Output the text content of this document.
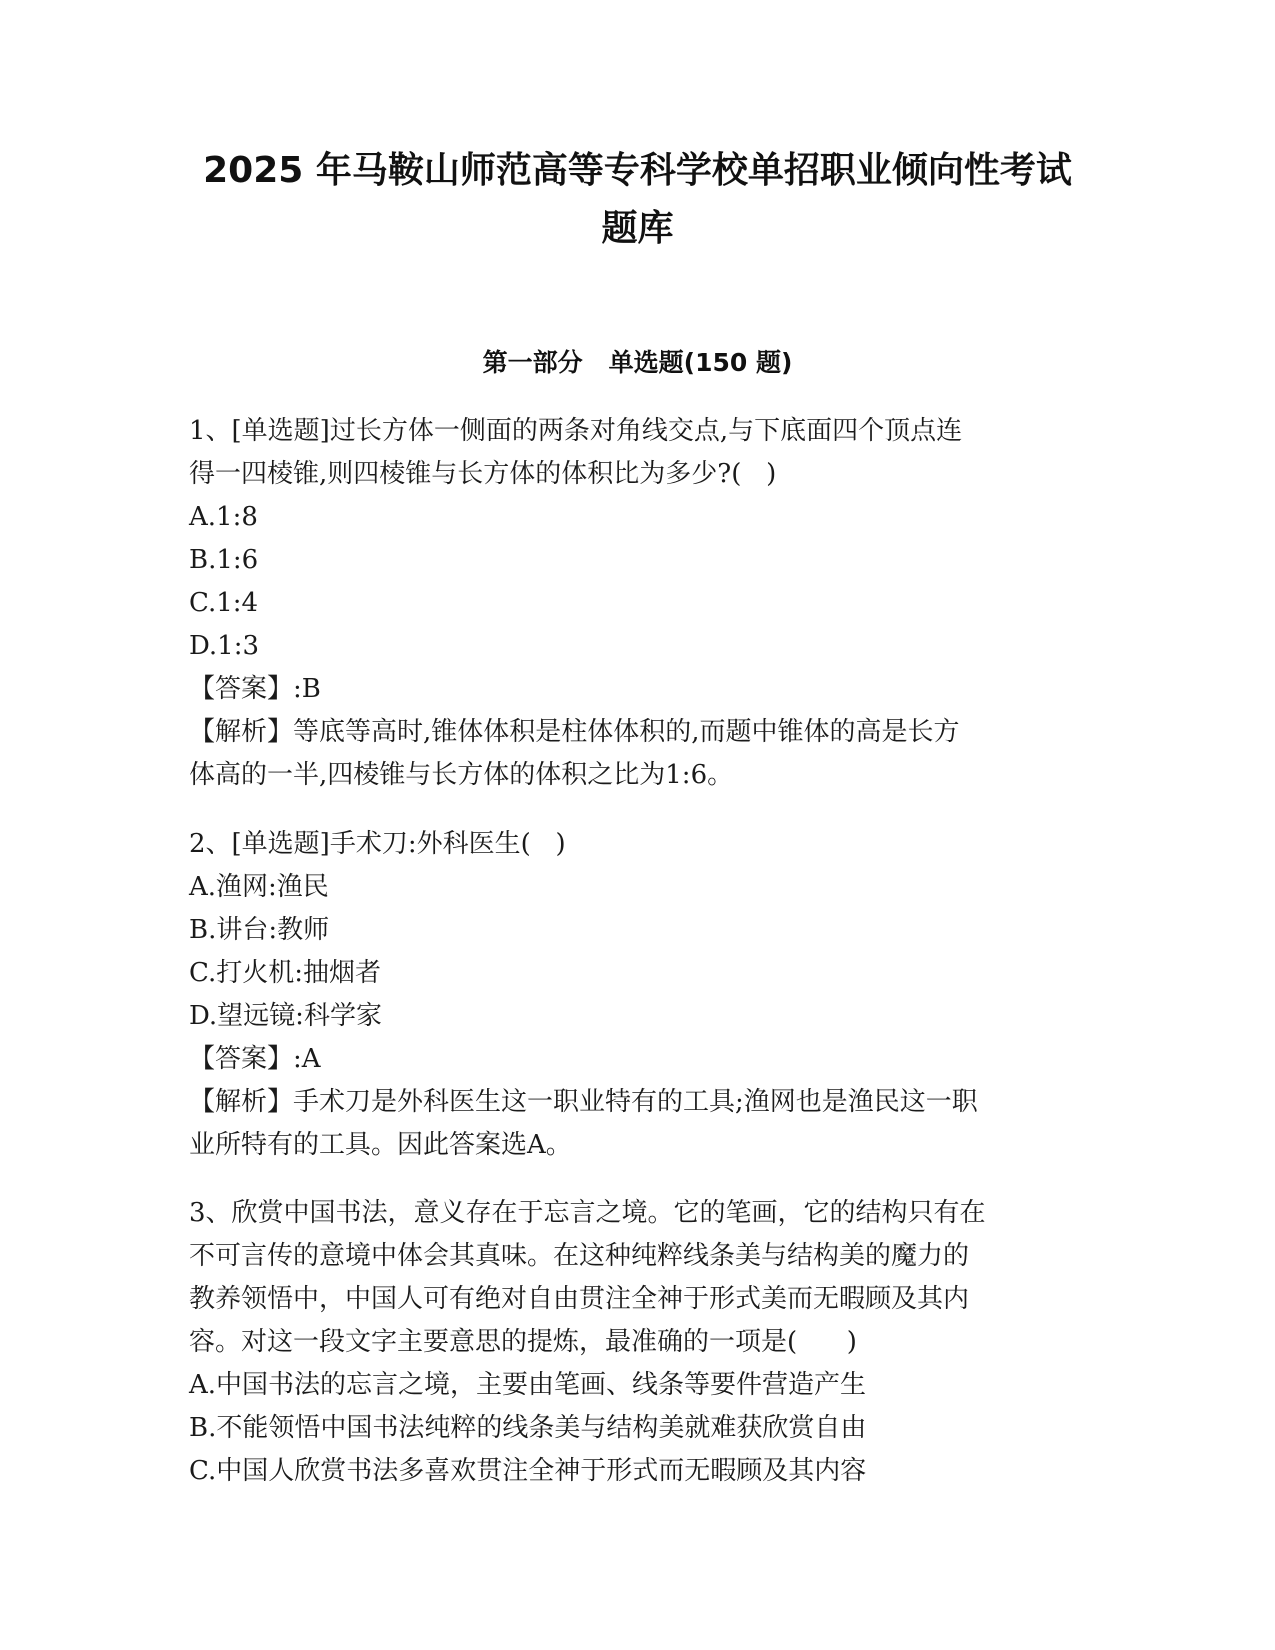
2025 年马鞍山师范高等专科学校单招职业倾向性考试
题库
第一部分   单选题(150 题)
1、[单选题]过长方体一侧面的两条对角线交点,与下底面四个顶点连
得一四棱锥,则四棱锥与长方体的体积比为多少?(   )
A.1:8
B.1:6
C.1:4
D.1:3
【答案】:B
【解析】等底等高时,锥体体积是柱体体积的,而题中锥体的高是长方
体高的一半,四棱锥与长方体的体积之比为1:6。
2、[单选题]手术刀:外科医生(   )
A.渔网:渔民
B.讲台:教师
C.打火机:抽烟者
D.望远镜:科学家
【答案】:A
【解析】手术刀是外科医生这一职业特有的工具;渔网也是渔民这一职
业所特有的工具。因此答案选A。
3、欣赏中国书法，意义存在于忘言之境。它的笔画，它的结构只有在
不可言传的意境中体会其真味。在这种纯粹线条美与结构美的魔力的
教养领悟中，中国人可有绝对自由贯注全神于形式美而无暇顾及其内
容。对这一段文字主要意思的提炼，最准确的一项是(      )
A.中国书法的忘言之境，主要由笔画、线条等要件营造产生
B.不能领悟中国书法纯粹的线条美与结构美就难获欣赏自由
C.中国人欣赏书法多喜欢贯注全神于形式而无暇顾及其内容
